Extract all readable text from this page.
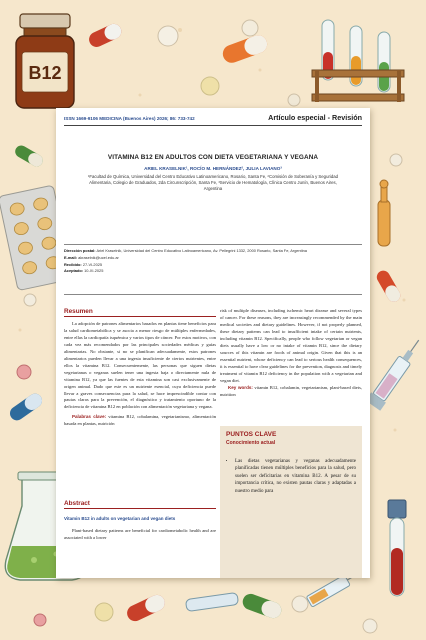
B12
ISSN 1669-9106 MEDICINA (Buenos Aires) 2026; 86: 733-742	Artículo especial - Revisión
VITAMINA B12 EN ADULTOS CON DIETA VEGETARIANA Y VEGANA
ARIEL KRASELNIK¹, ROCÍO M. HERNÁNDEZ², JULIA LAVIANO³
¹Facultad de Química, Universidad del Centro Educativo Latinoamericano, Rosario, Santa Fe, ²Comisión de Soberanía y Seguridad Alimentaria, Colegio de Graduados, 2da Circunscripción, Santa Fe, ³Servicio de Hematología, Clínica Centro Junín, Buenos Aires, Argentina
Dirección postal: Ariel Kraselnik, Universidad del Centro Educativo Latinoamericano, Av. Pellegrini 1332, 2000 Rosario, Santa Fe, Argentina
E-mail: akraselnik@ucel.edu.ar
Recibido: 27-VI-2025
Aceptado: 10-XI-2025
Resumen

La adopción de patrones alimentarios basados en plantas tiene beneficios para la salud cardiometabólica y se asocia a menor riesgo de múltiples enfermedades, entre ellas la cardiopatía isquémica y varios tipos de cáncer. Por estos motivos, con cada vez más recomendados por las principales sociedades médicas y guías alimentarias. No obstante, si no se planifican adecuadamente, estos patrones alimentarios pueden llevar a una ingesta insuficiente de ciertos nutrientes, entre ellos la vitamina B12. Consecuentemente, las personas que siguen dietas vegetarianas o veganas suelen tener una ingesta baja o directamente nula de vitamina B12, ya que las fuentes de esta vitamina son casi exclusivamente de origen animal. Dado que este es un nutriente esencial, cuya deficiencia puede llevar a graves consecuencias para la salud, se hace imprescindible contar con pautas claras para la prevención, el diagnóstico y tratamiento oportuno de la deficiencia de vitamina B12 en población con alimentación vegetariana y vegana.

Palabras clave: vitamina B12, cobalamina, vegetarianismo, alimentación basada en plantas, nutrición
Abstract
Vitamin B12 in adults on vegetarian and vegan diets

Plant-based dietary patterns are beneficial for cardiometabolic health and are associated with a lower

risk of multiple diseases, including ischemic heart disease and several types of cancer. For these reasons, they are increasingly recommended by the main medical societies and dietary guidelines. However, if not properly planned, these dietary patterns can lead to insufficient intake of certain nutrients, including vitamin B12. Specifically, people who follow vegetarian or vegan diets usually have a low or no intake of vitamin B12, since the dietary sources of this vitamin are foods of animal origin. Given that this is an essential nutrient, whose deficiency can lead to serious health consequences, it is essential to have clear guidelines for the prevention, diagnosis and timely treatment of vitamin B12 deficiency in the population with a vegetarian and vegan diet.

Key words: vitamin B12, cobalamin, vegetarianism, plant-based diets, nutrition
PUNTOS CLAVE
Conocimiento actual
• Las dietas vegetarianas y veganas adecuadamente planificadas tienen múltiples beneficios para la salud, pero suelen ser deficitarias en vitamina B12. A pesar de su importancia crítica, no existen pautas claras y adaptadas a nuestro medio para
